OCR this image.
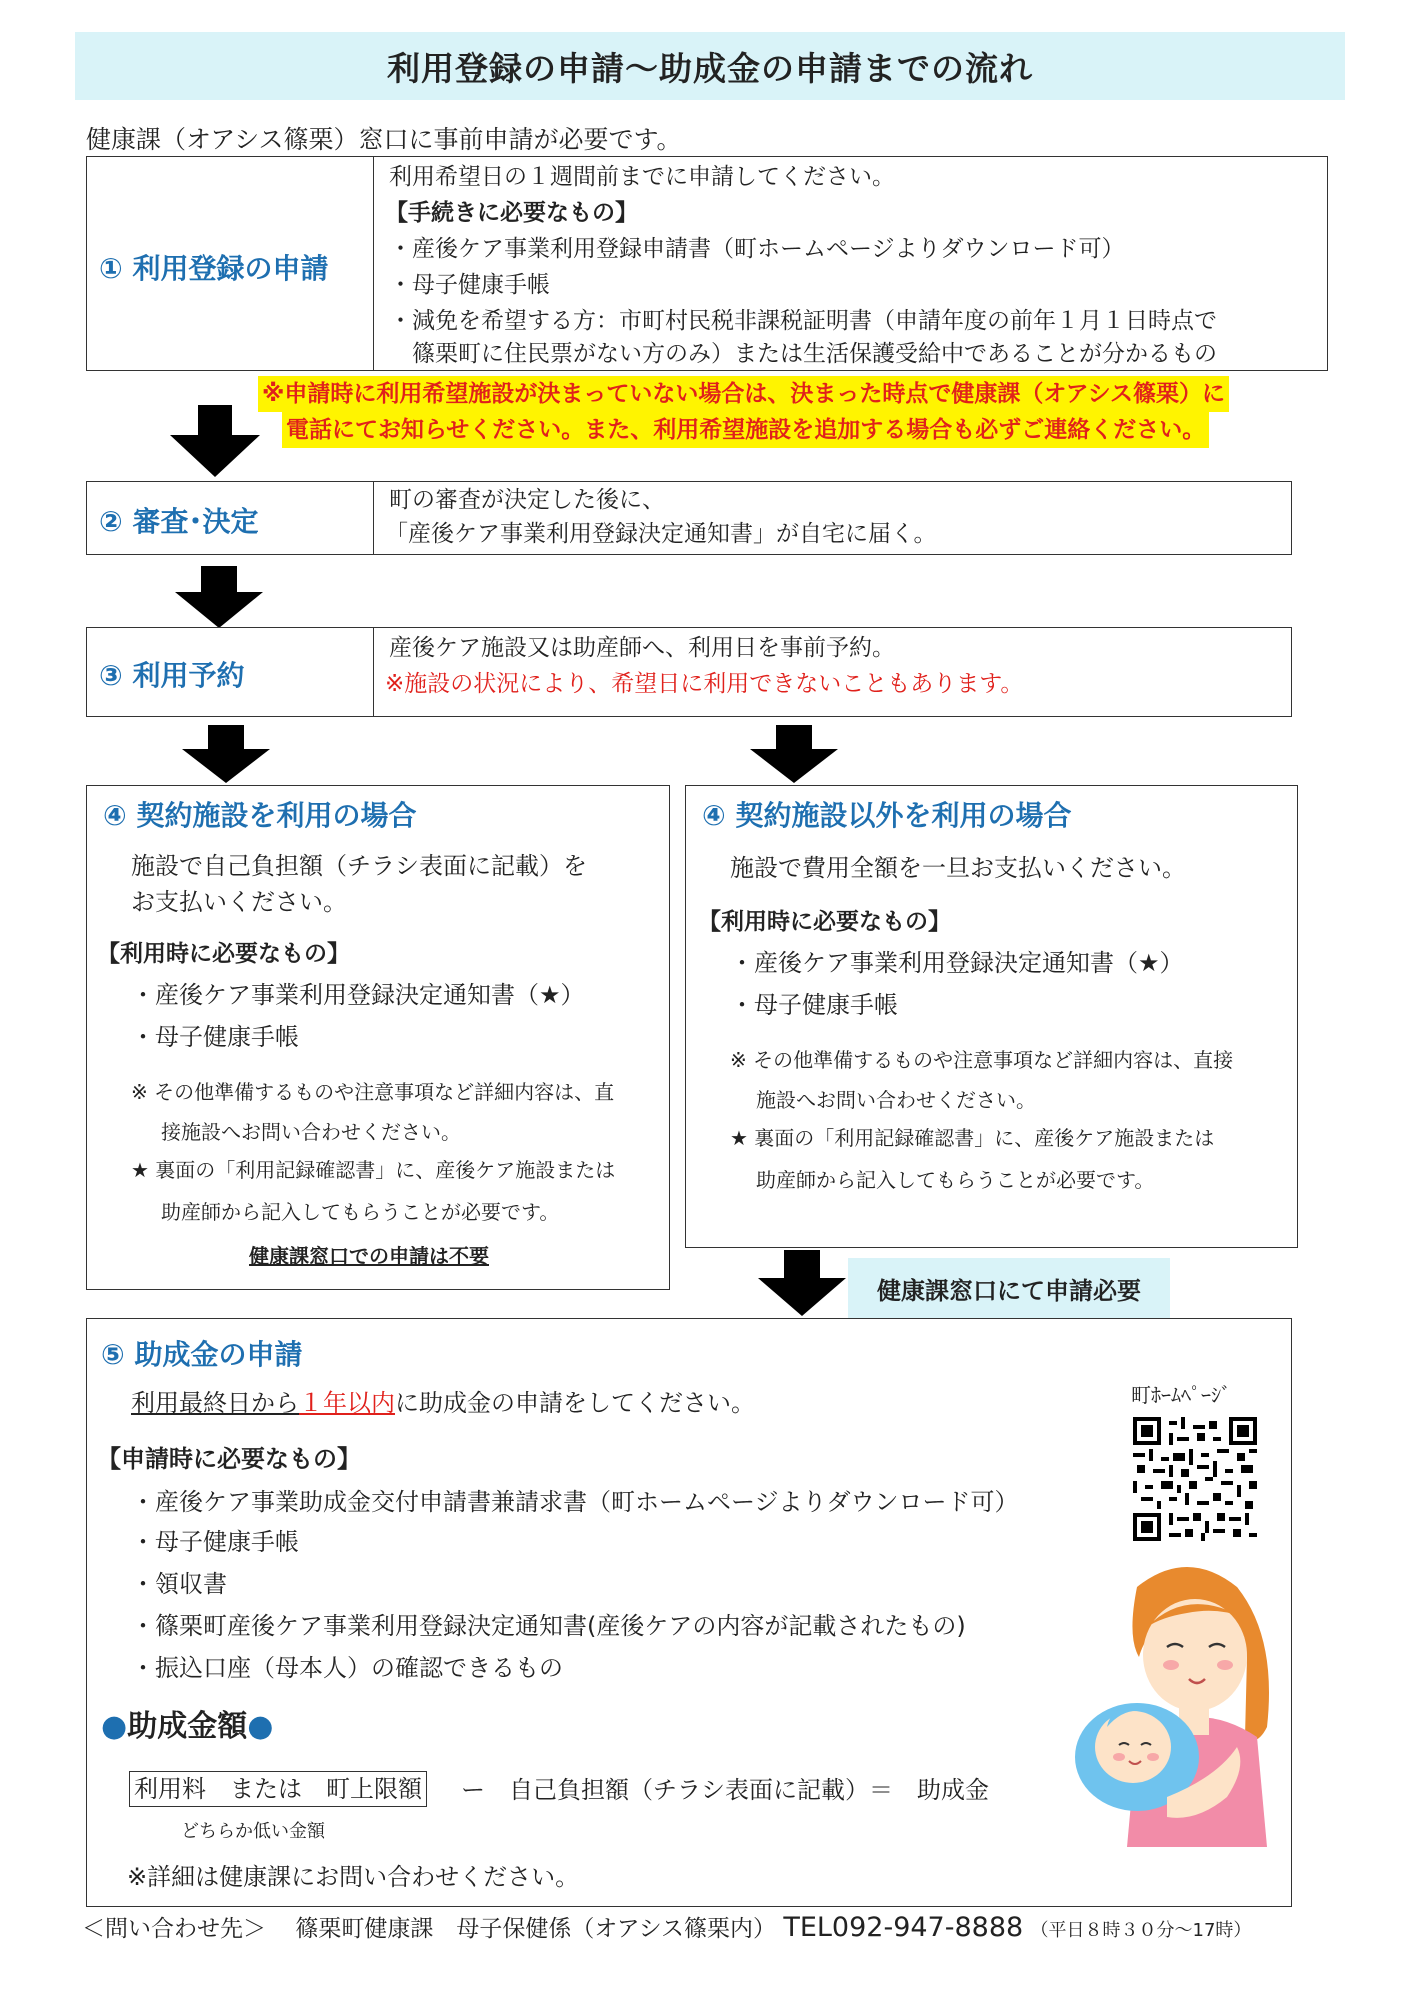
利用登録の申請～助成金の申請までの流れ
健康課（オアシス篠栗）窓口に事前申請が必要です。
① 利用登録の申請
利用希望日の１週間前までに申請してください。
【手続きに必要なもの】
・産後ケア事業利用登録申請書（町ホームページよりダウンロード可）
・母子健康手帳
・減免を希望する方：市町村民税非課税証明書（申請年度の前年１月１日時点で
篠栗町に住民票がない方のみ）または生活保護受給中であることが分かるもの
※申請時に利用希望施設が決まっていない場合は、決まった時点で健康課（オアシス篠栗）に
電話にてお知らせください。また、利用希望施設を追加する場合も必ずご連絡ください。
② 審査･決定
町の審査が決定した後に、
「産後ケア事業利用登録決定通知書」が自宅に届く。
③ 利用予約
産後ケア施設又は助産師へ、利用日を事前予約。
※施設の状況により、希望日に利用できないこともあります。
④ 契約施設を利用の場合
施設で自己負担額（チラシ表面に記載）を
お支払いください。
【利用時に必要なもの】
・産後ケア事業利用登録決定通知書（★）
・母子健康手帳
※ その他準備するものや注意事項など詳細内容は、直
接施設へお問い合わせください。
★ 裏面の「利用記録確認書」に、産後ケア施設または
助産師から記入してもらうことが必要です。
健康課窓口での申請は不要
④ 契約施設以外を利用の場合
施設で費用全額を一旦お支払いください。
【利用時に必要なもの】
・産後ケア事業利用登録決定通知書（★）
・母子健康手帳
※ その他準備するものや注意事項など詳細内容は、直接
施設へお問い合わせください。
★ 裏面の「利用記録確認書」に、産後ケア施設または
助産師から記入してもらうことが必要です。
健康課窓口にて申請必要
⑤ 助成金の申請
利用最終日から１年以内に助成金の申請をしてください。
【申請時に必要なもの】
・産後ケア事業助成金交付申請書兼請求書（町ホームページよりダウンロード可）
・母子健康手帳
・領収書
・篠栗町産後ケア事業利用登録決定通知書(産後ケアの内容が記載されたもの)
・振込口座（母本人）の確認できるもの
●助成金額●
利用料　または　町上限額 ー　自己負担額（チラシ表面に記載）＝　助成金
どちらか低い金額
※詳細は健康課にお問い合わせください。
町ﾎｰﾑﾍﾟｰｼﾞ
＜問い合わせ先＞ 篠栗町健康課　母子保健係（オアシス篠栗内） TEL092-947-8888 （平日８時３０分～17時）
